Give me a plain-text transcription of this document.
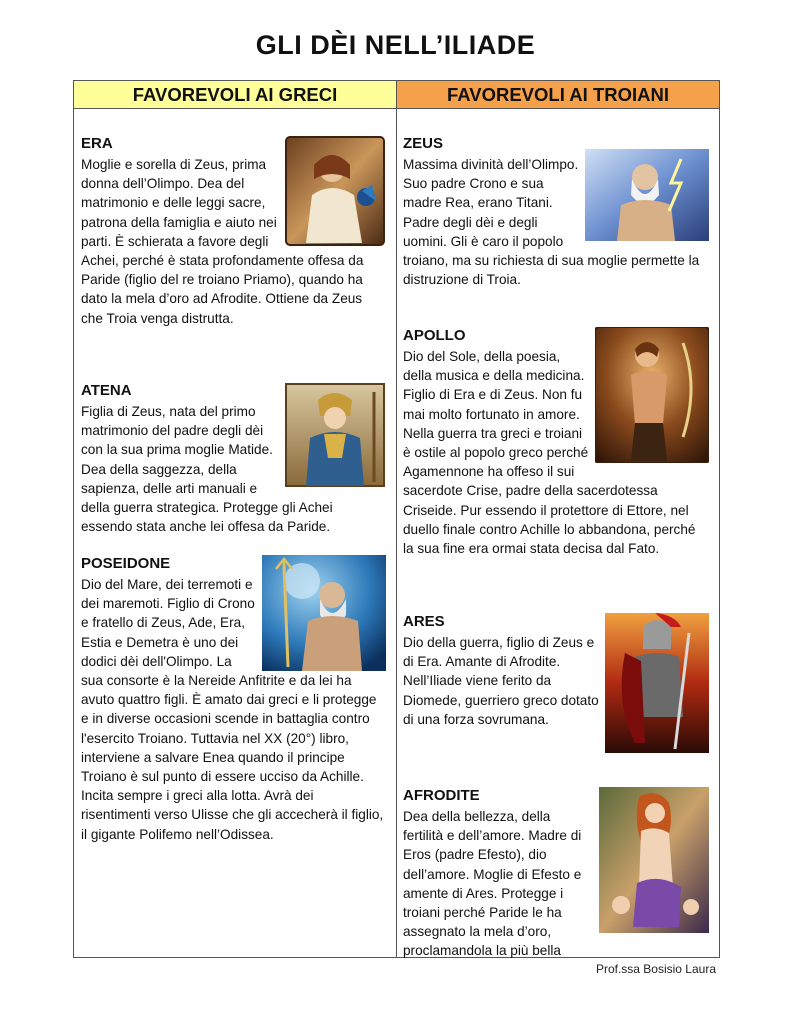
GLI DÈI NELL’ILIADE
FAVOREVOLI AI GRECI	FAVOREVOLI AI TROIANI
ERA

Moglie e sorella di Zeus, prima donna dell’Olimpo. Dea del matrimonio e delle leggi sacre, patrona della famiglia e aiuto nei parti. È schierata a favore degli Achei, perché è stata profondamente offesa da Paride (figlio del re troiano Priamo), quando ha dato la mela d’oro ad Afrodite. Ottiene da Zeus che Troia venga distrutta.

ATENA

Figlia di Zeus, nata del primo matrimonio del padre degli dèi con la sua prima moglie Matide. Dea della saggezza, della sapienza, delle arti manuali e della guerra strategica. Protegge gli Achei essendo stata anche lei offesa da Paride.

POSEIDONE

Dio del Mare, dei terremoti e dei maremoti. Figlio di Crono e fratello di Zeus, Ade, Era, Estia e Demetra è uno dei dodici dèi dell'Olimpo. La sua consorte è la Nereide Anfitrite e da lei ha avuto quattro figli. È amato dai greci e li protegge e in diverse occasioni scende in battaglia contro l'esercito Troiano. Tuttavia nel XX (20°) libro, interviene a salvare Enea quando il principe Troiano è sul punto di essere ucciso da Achille. Incita sempre i greci alla lotta. Avrà dei risentimenti verso Ulisse che gli accecherà il figlio, il gigante Polifemo nell’Odissea.

ZEUS

Massima divinità dell’Olimpo. Suo padre Crono e sua madre Rea, erano Titani. Padre degli dèi e degli uomini. Gli è caro il popolo troiano, ma su richiesta di sua moglie permette la distruzione di Troia.

APOLLO

Dio del Sole, della poesia, della musica e della medicina. Figlio di Era e di Zeus. Non fu mai molto fortunato in amore. Nella guerra tra greci e troiani è ostile al popolo greco perché Agamennone ha offeso il sui sacerdote Crise, padre della sacerdotessa Criseide. Pur essendo il protettore di Ettore, nel duello finale contro Achille lo abbandona, perché la sua fine era ormai stata decisa dal Fato.

ARES

Dio della guerra, figlio di Zeus e di Era. Amante di Afrodite. Nell’Iliade viene ferito da Diomede, guerriero greco dotato di una forza sovrumana.

AFRODITE

Dea della bellezza, della fertilità e dell’amore. Madre di Eros (padre Efesto), dio dell’amore. Moglie di Efesto e amente di Ares. Protegge i troiani perché Paride le ha assegnato la mela d’oro, proclamandola la più bella

Prof.ssa Bosisio Laura
